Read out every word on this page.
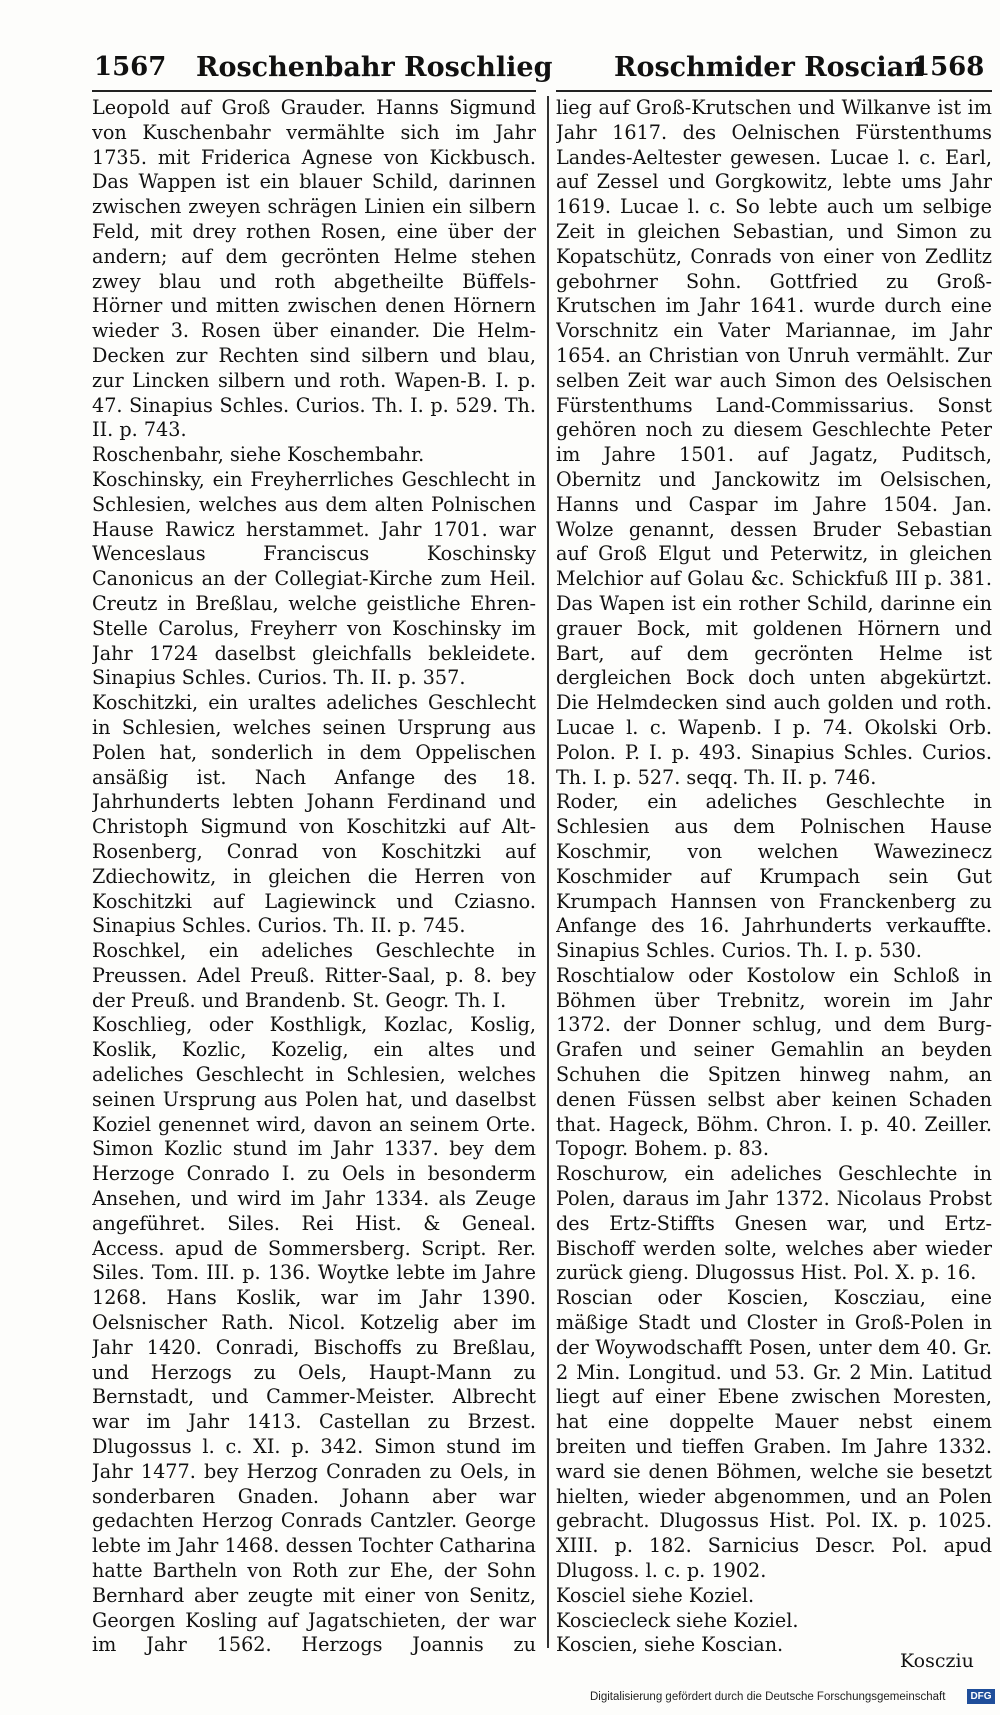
1567 Roschenbahr Roschlieg Roschmider Roscian
1568

Leopold auf Groß Grauder. Hanns Sigmund von Kuschenbahr vermählte sich im Jahr 1735. mit Friderica Agnese von Kickbusch. Das Wappen ist ein blauer Schild, darinnen zwischen zweyen schrägen Linien ein silbern Feld, mit drey rothen Rosen, eine über der andern; auf dem gecrönten Helme stehen zwey blau und roth abgetheilte Büffels-Hörner und mitten zwischen denen Hörnern wieder 3. Rosen über einander. Die Helm-Decken zur Rechten sind silbern und blau, zur Lincken silbern und roth. Wapen-B. I. p. 47. Sinapius Schles. Curios. Th. I. p. 529. Th. II. p. 743.

Roschenbahr, siehe Koschembahr.

Koschinsky, ein Freyherrliches Geschlecht in Schlesien, welches aus dem alten Polnischen Hause Rawicz herstammet. Jahr 1701. war Wenceslaus Franciscus Koschinsky Canonicus an der Collegiat-Kirche zum Heil. Creutz in Breßlau, welche geistliche Ehren-Stelle Carolus, Freyherr von Koschinsky im Jahr 1724 daselbst gleichfalls bekleidete. Sinapius Schles. Curios. Th. II. p. 357.

Koschitzki, ein uraltes adeliches Geschlecht in Schlesien, welches seinen Ursprung aus Polen hat, sonderlich in dem Oppelischen ansäßig ist. Nach Anfange des 18. Jahrhunderts lebten Johann Ferdinand und Christoph Sigmund von Koschitzki auf Alt-Rosenberg, Conrad von Koschitzki auf Zdiechowitz, in gleichen die Herren von Koschitzki auf Lagiewinck und Cziasno. Sinapius Schles. Curios. Th. II. p. 745.

Roschkel, ein adeliches Geschlechte in Preussen. Adel Preuß. Ritter-Saal, p. 8. bey der Preuß. und Brandenb. St. Geogr. Th. I.

Koschlieg, oder Kosthligk, Kozlac, Koslig, Koslik, Kozlic, Kozelig, ein altes und adeliches Geschlecht in Schlesien, welches seinen Ursprung aus Polen hat, und daselbst Koziel genennet wird, davon an seinem Orte. Simon Kozlic stund im Jahr 1337. bey dem Herzoge Conrado I. zu Oels in besonderm Ansehen, und wird im Jahr 1334. als Zeuge angeführet. Siles. Rei Hist. & Geneal. Access. apud de Sommersberg. Script. Rer. Siles. Tom. III. p. 136. Woytke lebte im Jahre 1268. Hans Koslik, war im Jahr 1390. Oelsnischer Rath. Nicol. Kotzelig aber im Jahr 1420. Conradi, Bischoffs zu Breßlau, und Herzogs zu Oels, Haupt-Mann zu Bernstadt, und Cammer-Meister. Albrecht war im Jahr 1413. Castellan zu Brzest. Dlugossus l. c. XI. p. 342. Simon stund im Jahr 1477. bey Herzog Conraden zu Oels, in sonderbaren Gnaden. Johann aber war gedachten Herzog Conrads Cantzler. George lebte im Jahr 1468. dessen Tochter Catharina hatte Bartheln von Roth zur Ehe, der Sohn Bernhard aber zeugte mit einer von Senitz, Georgen Kosling auf Jagatschieten, der war im Jahr 1562. Herzogs Joannis zu

lieg auf Groß-Krutschen und Wilkanve ist im Jahr 1617. des Oelnischen Fürstenthums Landes-Aeltester gewesen. Lucae l. c. Earl, auf Zessel und Gorgkowitz, lebte ums Jahr 1619. Lucae l. c. So lebte auch um selbige Zeit in gleichen Sebastian, und Simon zu Kopatschütz, Conrads von einer von Zedlitz gebohrner Sohn. Gottfried zu Groß-Krutschen im Jahr 1641. wurde durch eine Vorschnitz ein Vater Mariannae, im Jahr 1654. an Christian von Unruh vermählt. Zur selben Zeit war auch Simon des Oelsischen Fürstenthums Land-Commissarius. Sonst gehören noch zu diesem Geschlechte Peter im Jahre 1501. auf Jagatz, Puditsch, Obernitz und Janckowitz im Oelsischen, Hanns und Caspar im Jahre 1504. Jan. Wolze genannt, dessen Bruder Sebastian auf Groß Elgut und Peterwitz, in gleichen Melchior auf Golau &c. Schickfuß III p. 381. Das Wapen ist ein rother Schild, darinne ein grauer Bock, mit goldenen Hörnern und Bart, auf dem gecrönten Helme ist dergleichen Bock doch unten abgekürtzt. Die Helmdecken sind auch golden und roth. Lucae l. c. Wapenb. I p. 74. Okolski Orb. Polon. P. I. p. 493. Sinapius Schles. Curios. Th. I. p. 527. seqq. Th. II. p. 746.

Roder, ein adeliches Geschlechte in Schlesien aus dem Polnischen Hause Koschmir, von welchen Wawezinecz Koschmider auf Krumpach sein Gut Krumpach Hannsen von Franckenberg zu Anfange des 16. Jahrhunderts verkauffte. Sinapius Schles. Curios. Th. I. p. 530.

Roschtialow oder Kostolow ein Schloß in Böhmen über Trebnitz, worein im Jahr 1372. der Donner schlug, und dem Burg-Grafen und seiner Gemahlin an beyden Schuhen die Spitzen hinweg nahm, an denen Füssen selbst aber keinen Schaden that. Hageck, Böhm. Chron. I. p. 40. Zeiller. Topogr. Bohem. p. 83.

Roschurow, ein adeliches Geschlechte in Polen, daraus im Jahr 1372. Nicolaus Probst des Ertz-Stiffts Gnesen war, und Ertz-Bischoff werden solte, welches aber wieder zurück gieng. Dlugossus Hist. Pol. X. p. 16.

Roscian oder Koscien, Koscziau, eine mäßige Stadt und Closter in Groß-Polen in der Woywodschafft Posen, unter dem 40. Gr. 2 Min. Longitud. und 53. Gr. 2 Min. Latitud liegt auf einer Ebene zwischen Moresten, hat eine doppelte Mauer nebst einem breiten und tieffen Graben. Im Jahre 1332. ward sie denen Böhmen, welche sie besetzt hielten, wieder abgenommen, und an Polen gebracht. Dlugossus Hist. Pol. IX. p. 1025. XIII. p. 182. Sarnicius Descr. Pol. apud Dlugoss. l. c. p. 1902.

Kosciel siehe Koziel.

Kosciecleck siehe Koziel.

Koscien, siehe Koscian.

Koscziu
Digitalisierung gefördert durch die Deutsche Forschungsgemeinschaft	DFG
